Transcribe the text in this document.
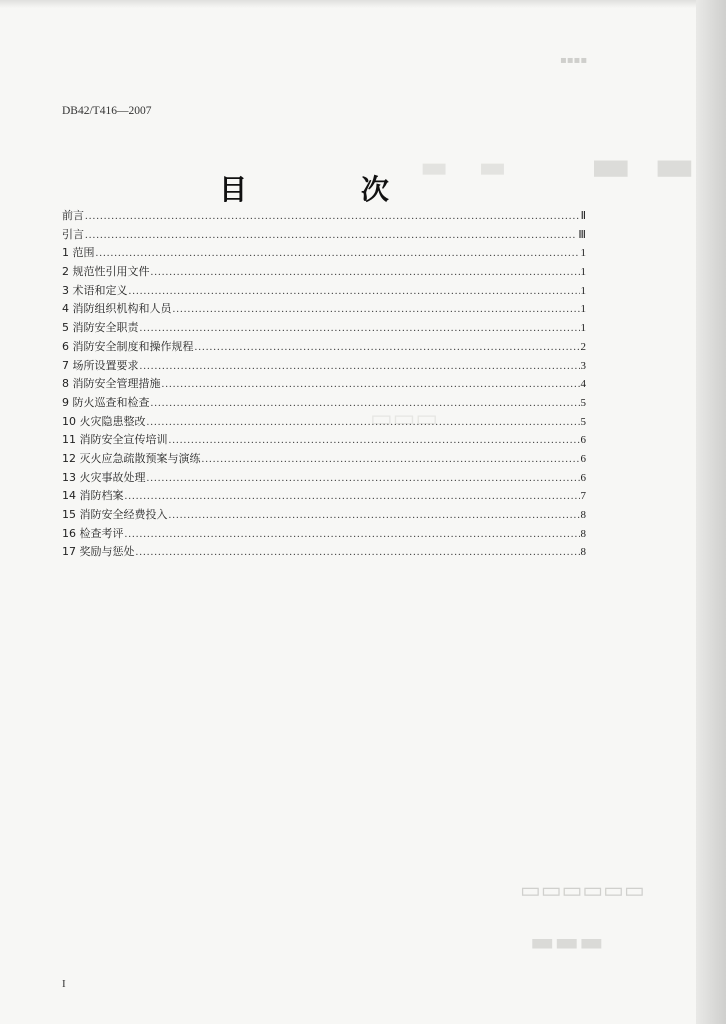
▬▬
▬▬
▭▭▭
▭▭▭▭▭▭
▬▬▬
▪▪▪▪
DB42/T416—2007
目 次
前言 .....	Ⅱ
引言 .....	Ⅲ
1 范围 .....	1
2 规范性引用文件 .....	1
3 术语和定义 .....	1
4 消防组织机构和人员 .....	1
5 消防安全职责 .....	1
6 消防安全制度和操作规程 .....	2
7 场所设置要求 .....	3
8 消防安全管理措施 .....	4
9 防火巡查和检查 .....	5
10 火灾隐患整改 .....	5
11 消防安全宣传培训 .....	6
12 灭火应急疏散预案与演练 .....	6
13 火灾事故处理 .....	6
14 消防档案 .....	7
15 消防安全经费投入 .....	8
16 检查考评 .....	8
17 奖励与惩处 .....	8
I
